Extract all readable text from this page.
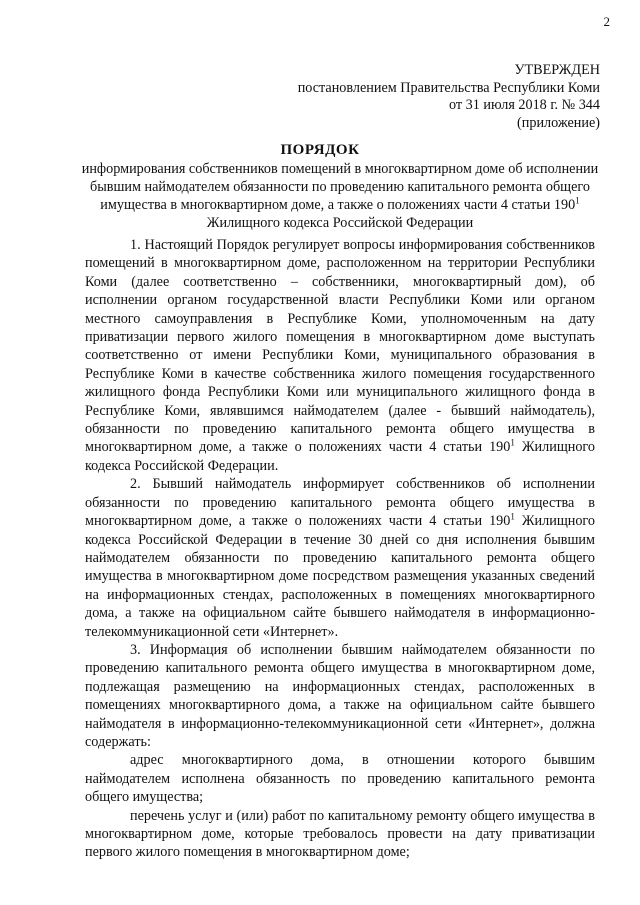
2
УТВЕРЖДЕН
постановлением Правительства Республики Коми
от 31 июля 2018 г. № 344
(приложение)
ПОРЯДОК
информирования собственников помещений в многоквартирном доме об исполнении бывшим наймодателем обязанности по проведению капитального ремонта общего имущества в многоквартирном доме, а также о положениях части 4 статьи $190^1$ Жилищного кодекса Российской Федерации

1. Настоящий Порядок регулирует вопросы информирования собственников помещений в многоквартирном доме, расположенном на территории Республики Коми (далее соответственно – собственники, многоквартирный дом), об исполнении органом государственной власти Республики Коми или органом местного самоуправления в Республике Коми, уполномоченным на дату приватизации первого жилого помещения в многоквартирном доме выступать соответственно от имени Республики Коми, муниципального образования в Республике Коми в качестве собственника жилого помещения государственного жилищного фонда Республики Коми или муниципального жилищного фонда в Республике Коми, являвшимся наймодателем (далее - бывший наймодатель), обязанности по проведению капитального ремонта общего имущества в многоквартирном доме, а также о положениях части 4 статьи $190^1$ Жилищного кодекса Российской Федерации.

2. Бывший наймодатель информирует собственников об исполнении обязанности по проведению капитального ремонта общего имущества в многоквартирном доме, а также о положениях части 4 статьи $190^1$ Жилищного кодекса Российской Федерации в течение 30 дней со дня исполнения бывшим наймодателем обязанности по проведению капитального ремонта общего имущества в многоквартирном доме посредством размещения указанных сведений на информационных стендах, расположенных в помещениях многоквартирного дома, а также на официальном сайте бывшего наймодателя в информационно-телекоммуникационной сети «Интернет».

3. Информация об исполнении бывшим наймодателем обязанности по проведению капитального ремонта общего имущества в многоквартирном доме, подлежащая размещению на информационных стендах, расположенных в помещениях многоквартирного дома, а также на официальном сайте бывшего наймодателя в информационно-телекоммуникационной сети «Интернет», должна содержать:

адрес многоквартирного дома, в отношении которого бывшим наймодателем исполнена обязанность по проведению капитального ремонта общего имущества;

перечень услуг и (или) работ по капитальному ремонту общего имущества в многоквартирном доме, которые требовалось провести на дату приватизации первого жилого помещения в многоквартирном доме;
